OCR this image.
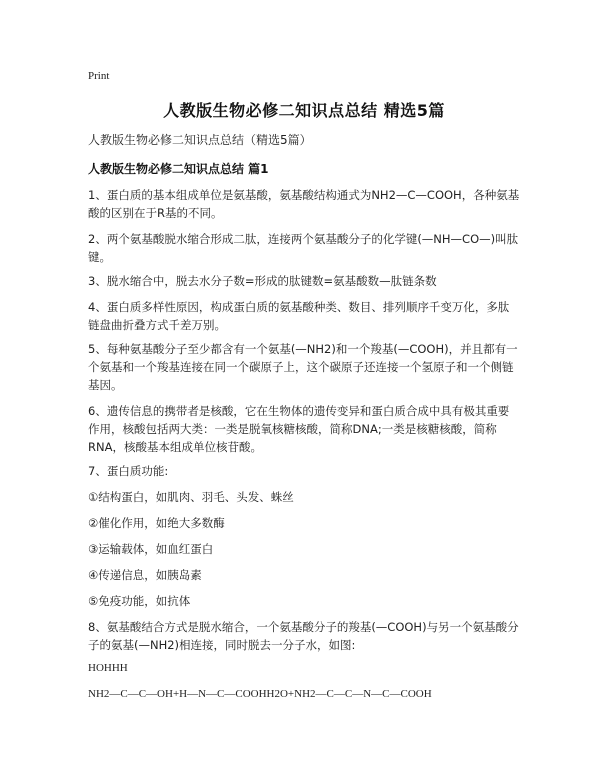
Print
人教版生物必修二知识点总结 精选5篇
人教版生物必修二知识点总结（精选5篇）
人教版生物必修二知识点总结 篇1

1、蛋白质的基本组成单位是氨基酸，氨基酸结构通式为NH2—C—COOH，各种氨基酸的区别在于R基的不同。

2、两个氨基酸脱水缩合形成二肽，连接两个氨基酸分子的化学键(—NH—CO—)叫肽键。

3、脱水缩合中，脱去水分子数=形成的肽键数=氨基酸数—肽链条数

4、蛋白质多样性原因，构成蛋白质的氨基酸种类、数目、排列顺序千变万化，多肽链盘曲折叠方式千差万别。

5、每种氨基酸分子至少都含有一个氨基(—NH2)和一个羧基(—COOH)，并且都有一个氨基和一个羧基连接在同一个碳原子上，这个碳原子还连接一个氢原子和一个侧链基因。

6、遗传信息的携带者是核酸，它在生物体的遗传变异和蛋白质合成中具有极其重要作用，核酸包括两大类：一类是脱氧核糖核酸，简称DNA;一类是核糖核酸，简称RNA，核酸基本组成单位核苷酸。

7、蛋白质功能:

①结构蛋白，如肌肉、羽毛、头发、蛛丝

②催化作用，如绝大多数酶

③运输载体，如血红蛋白

④传递信息，如胰岛素

⑤免疫功能，如抗体

8、氨基酸结合方式是脱水缩合，一个氨基酸分子的羧基(—COOH)与另一个氨基酸分子的氨基(—NH2)相连接，同时脱去一分子水，如图:

HOHHH
NH2—C—C—OH+H—N—C—COOHH2O+NH2—C—C—N—C—COOH
